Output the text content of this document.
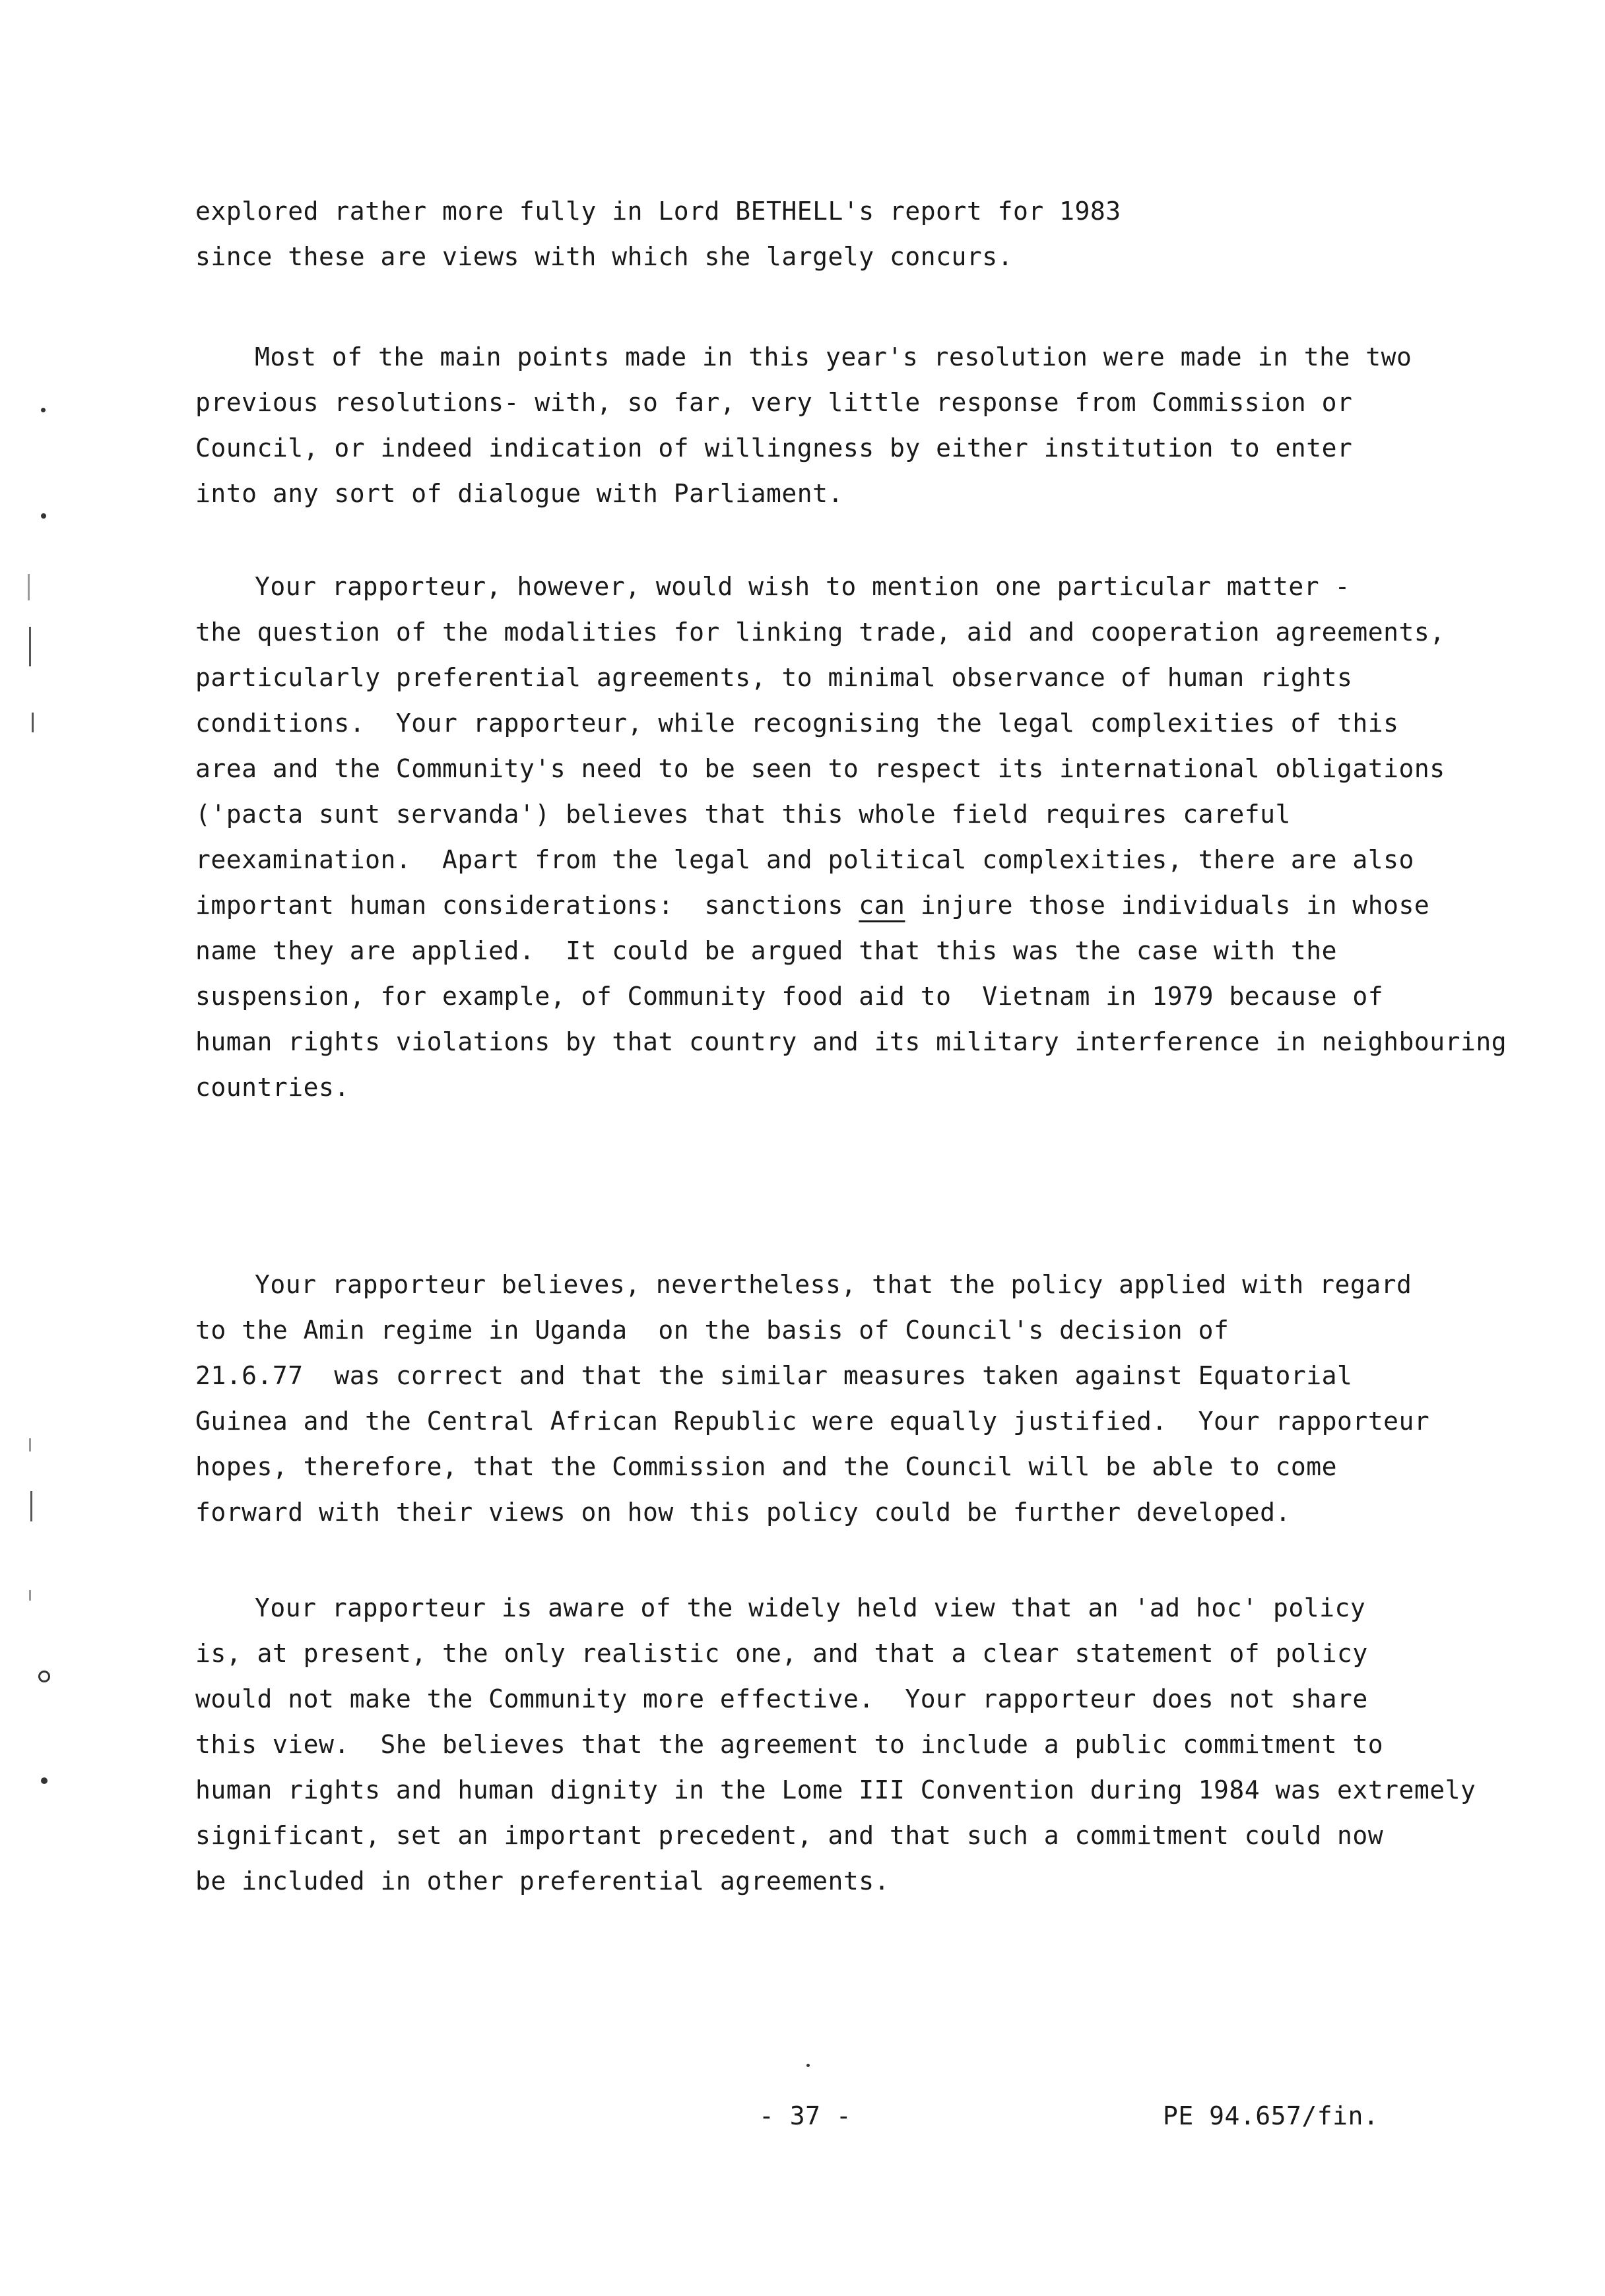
explored rather more fully in Lord BETHELL's report for 1983
since these are views with which she largely concurs.
Most of the main points made in this year's resolution were made in the two
previous resolutions- with, so far, very little response from Commission or
Council, or indeed indication of willingness by either institution to enter
into any sort of dialogue with Parliament.
Your rapporteur, however, would wish to mention one particular matter -
the question of the modalities for linking trade, aid and cooperation agreements,
particularly preferential agreements, to minimal observance of human rights
conditions.  Your rapporteur, while recognising the legal complexities of this
area and the Community's need to be seen to respect its international obligations
('pacta sunt servanda') believes that this whole field requires careful
reexamination.  Apart from the legal and political complexities, there are also
important human considerations:  sanctions can injure those individuals in whose
name they are applied.  It could be argued that this was the case with the
suspension, for example, of Community food aid to  Vietnam in 1979 because of
human rights violations by that country and its military interference in neighbouring
countries.
Your rapporteur believes, nevertheless, that the policy applied with regard
to the Amin regime in Uganda  on the basis of Council's decision of
21.6.77  was correct and that the similar measures taken against Equatorial
Guinea and the Central African Republic were equally justified.  Your rapporteur
hopes, therefore, that the Commission and the Council will be able to come
forward with their views on how this policy could be further developed.
Your rapporteur is aware of the widely held view that an 'ad hoc' policy
is, at present, the only realistic one, and that a clear statement of policy
would not make the Community more effective.  Your rapporteur does not share
this view.  She believes that the agreement to include a public commitment to
human rights and human dignity in the Lome III Convention during 1984 was extremely
significant, set an important precedent, and that such a commitment could now
be included in other preferential agreements.
- 37 -	PE 94.657/fin.
